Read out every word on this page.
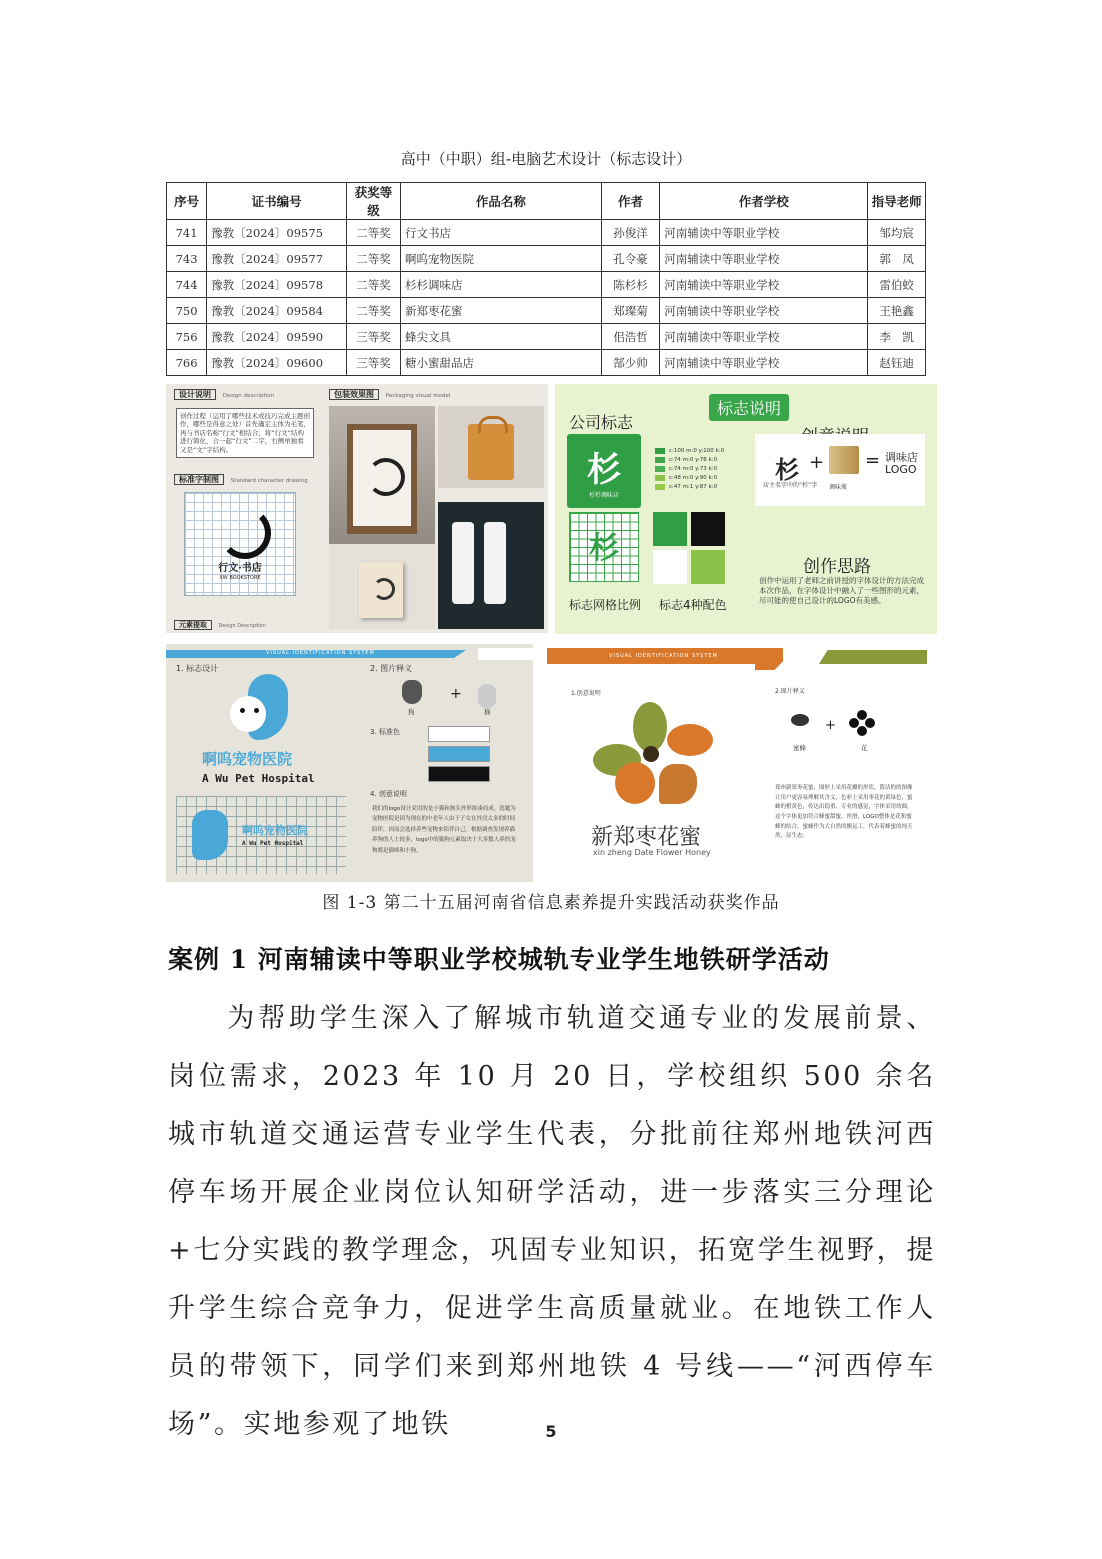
高中（中职）组-电脑艺术设计（标志设计）
序号	证书编号	获奖等级	作品名称	作者	作者学校	指导老师
741	豫教〔2024〕09575	二等奖	行文书店	孙俊洋	河南辅读中等职业学校	邹均宸
743	豫教〔2024〕09577	二等奖	啊呜宠物医院	孔令豪	河南辅读中等职业学校	郭　凤
744	豫教〔2024〕09578	二等奖	杉杉调味店	陈杉杉	河南辅读中等职业学校	雷伯蛟
750	豫教〔2024〕09584	二等奖	新郑枣花蜜	郑璨菊	河南辅读中等职业学校	王艳鑫
756	豫教〔2024〕09590	三等奖	蜂尖文具	佀浩哲	河南辅读中等职业学校	李　凯
766	豫教〔2024〕09600	三等奖	糖小蜜甜品店	郜少帅	河南辅读中等职业学校	赵钰迪
设计说明 Design description
创作过程（运用了哪些技术或技巧完成主题创作，哪些是得意之处）首先确定主体为毛笔，再与书店名称“行文”相结合，将“行文”结构进行简化，合一起“行文”二字，右侧单独看又是“文”字结构。
包装效果图 Packaging visual model
标准字制图 Standard character drawing
行文·书店
XW BOOKSTORE
元素提取 Design Description
标志说明
公司标志
杉
杉杉调味店
c:100 m:0 y:100 k:0
c:74 m:0 y:76 k:0
c:74 m:0 y:73 k:0
c:48 m:0 y:90 k:0
c:47 m:1 y:87 k:0
杉 + = 调味店LOGO
店主名字中的“杉”字	调味瓶
杉
标志网格比例 标志4种配色
创作思路
创作中运用了老师之前讲授的字体设计的方法完成本次作品，在字体设计中融入了一些图形的元素，尽可能的使自己设计的LOGO有美感。
VISUAL IDENTIFICATION SYSTEM
1. 标志设计
啊呜宠物医院
A Wu Pet Hospital
啊呜宠物医院
A Wu Pet Hospital
2. 图片释义
狗
+
猫
3. 标准色
4. 创意说明
我们的logo设计采用的是小猫和狗头外形拼凑而成。选题为宠物医院是因为现在的中老年人由于子女在外没太多的时间陪伴，因而会选择养些宠物来陪伴自己。根据调查发现养猫养狗的人士较多，logo中的猫狗元素取决于大多数人养的宠物都是猫咪和小狗。
VISUAL IDENTIFICATION SYSTEM
1.创意说明
新郑枣花蜜
xin zheng Date Flower Honey
2.图片释义
蜜蜂
+
花
郑州新郑枣花蜜，图形上采用花瓣的形状，简洁的的图像让用户更容易理解其含义，色彩上采用枣花的黄绿色，蜜蜂的橙黄色，传达出稳重、专业的感觉，字体采用幼圆，这个字体更加符合蜂蜜甜蜜、丝滑，LOGO整体是花和蜜蜂的结合，蜜蜂作为大自然的搬运工，代表着蜂蜜的纯天然，原生态。
图 1-3 第二十五届河南省信息素养提升实践活动获奖作品
案例 1 河南辅读中等职业学校城轨专业学生地铁研学活动
为帮助学生深入了解城市轨道交通专业的发展前景、岗位需求，2023 年 10 月 20 日，学校组织 500 余名城市轨道交通运营专业学生代表，分批前往郑州地铁河西停车场开展企业岗位认知研学活动，进一步落实三分理论+七分实践的教学理念，巩固专业知识，拓宽学生视野，提升学生综合竞争力，促进学生高质量就业。在地铁工作人员的带领下，同学们来到郑州地铁 4 号线——“河西停车场”。实地参观了地铁	5
